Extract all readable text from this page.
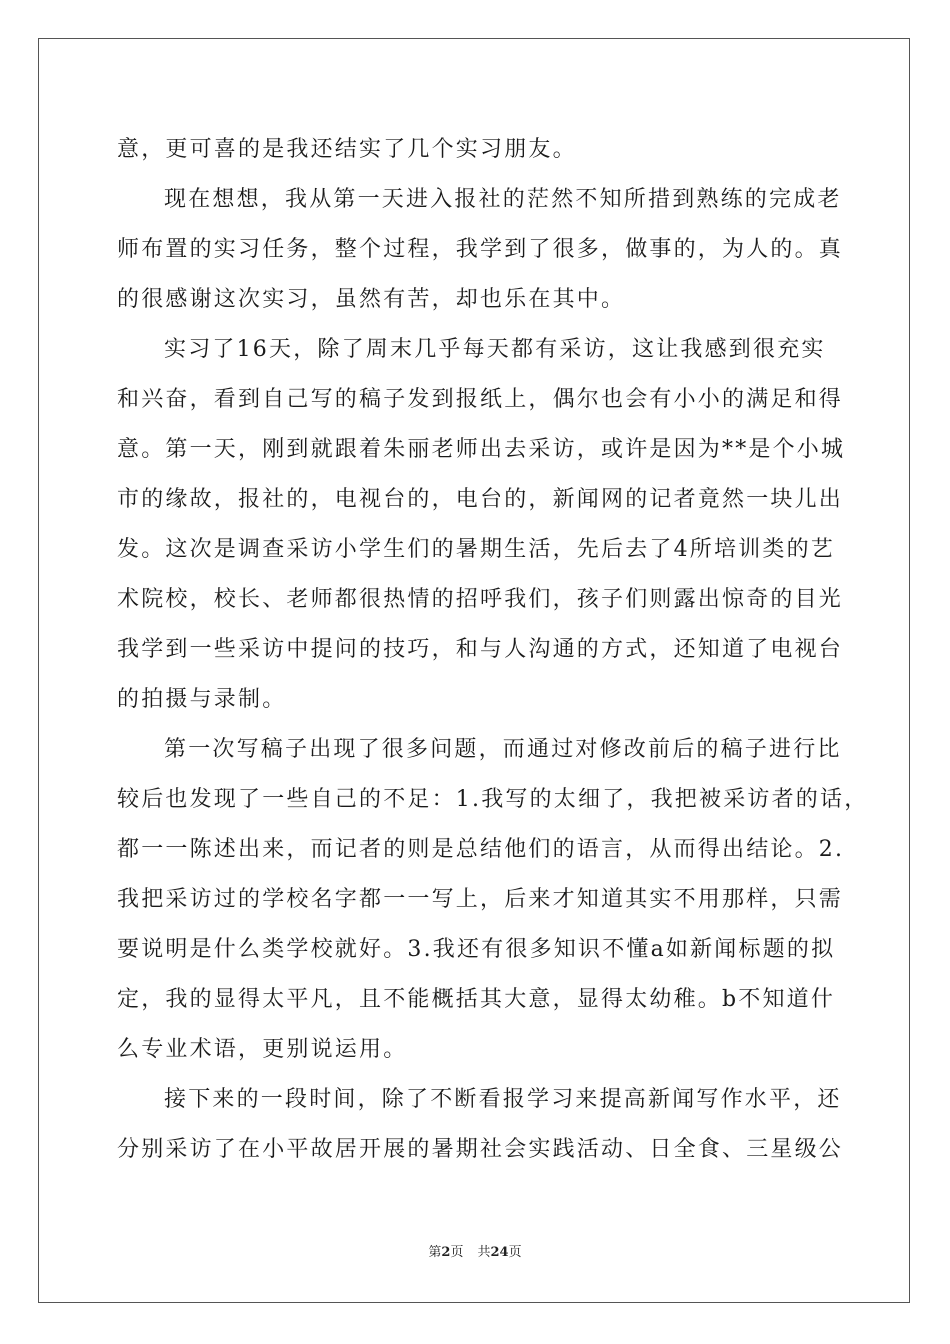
意，更可喜的是我还结实了几个实习朋友。
现在想想，我从第一天进入报社的茫然不知所措到熟练的完成老
师布置的实习任务，整个过程，我学到了很多，做事的，为人的。真
的很感谢这次实习，虽然有苦，却也乐在其中。
实习了16天，除了周末几乎每天都有采访，这让我感到很充实
和兴奋，看到自己写的稿子发到报纸上，偶尔也会有小小的满足和得
意。第一天，刚到就跟着朱丽老师出去采访，或许是因为**是个小城
市的缘故，报社的，电视台的，电台的，新闻网的记者竟然一块儿出
发。这次是调查采访小学生们的暑期生活，先后去了4所培训类的艺
术院校，校长、老师都很热情的招呼我们，孩子们则露出惊奇的目光
我学到一些采访中提问的技巧，和与人沟通的方式，还知道了电视台
的拍摄与录制。
第一次写稿子出现了很多问题，而通过对修改前后的稿子进行比
较后也发现了一些自己的不足：1.我写的太细了，我把被采访者的话，
都一一陈述出来，而记者的则是总结他们的语言，从而得出结论。2.
我把采访过的学校名字都一一写上，后来才知道其实不用那样，只需
要说明是什么类学校就好。3.我还有很多知识不懂a如新闻标题的拟
定，我的显得太平凡，且不能概括其大意，显得太幼稚。b不知道什
么专业术语，更别说运用。
接下来的一段时间，除了不断看报学习来提高新闻写作水平，还
分别采访了在小平故居开展的暑期社会实践活动、日全食、三星级公
第2页 共24页
